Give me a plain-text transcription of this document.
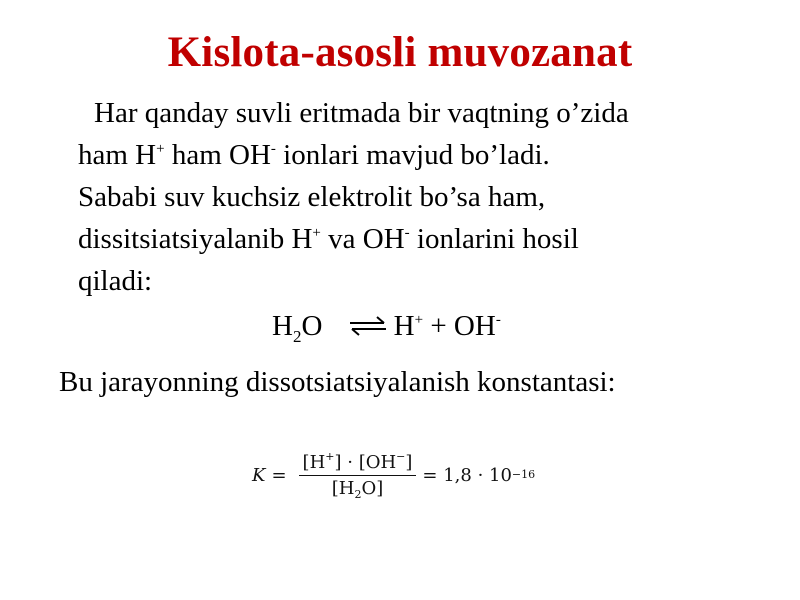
Kislota-asosli muvozanat
Har qanday suvli eritmada bir vaqtning o’zida
ham H+ ham OH- ionlari mavjud bo’ladi.
Sababi suv kuchsiz elektrolit bo’sa ham,
dissitsiatsiyalanib H+ va OH- ionlarini hosil
qiladi:
$H_2O$ ⇌ H+ + OH-
Bu jarayonning dissotsiatsiyalanish konstantasi:
$K = \frac{[H^+] \cdot [OH^-]}{[H_2O]} = 1,8 \cdot 10 -16$
